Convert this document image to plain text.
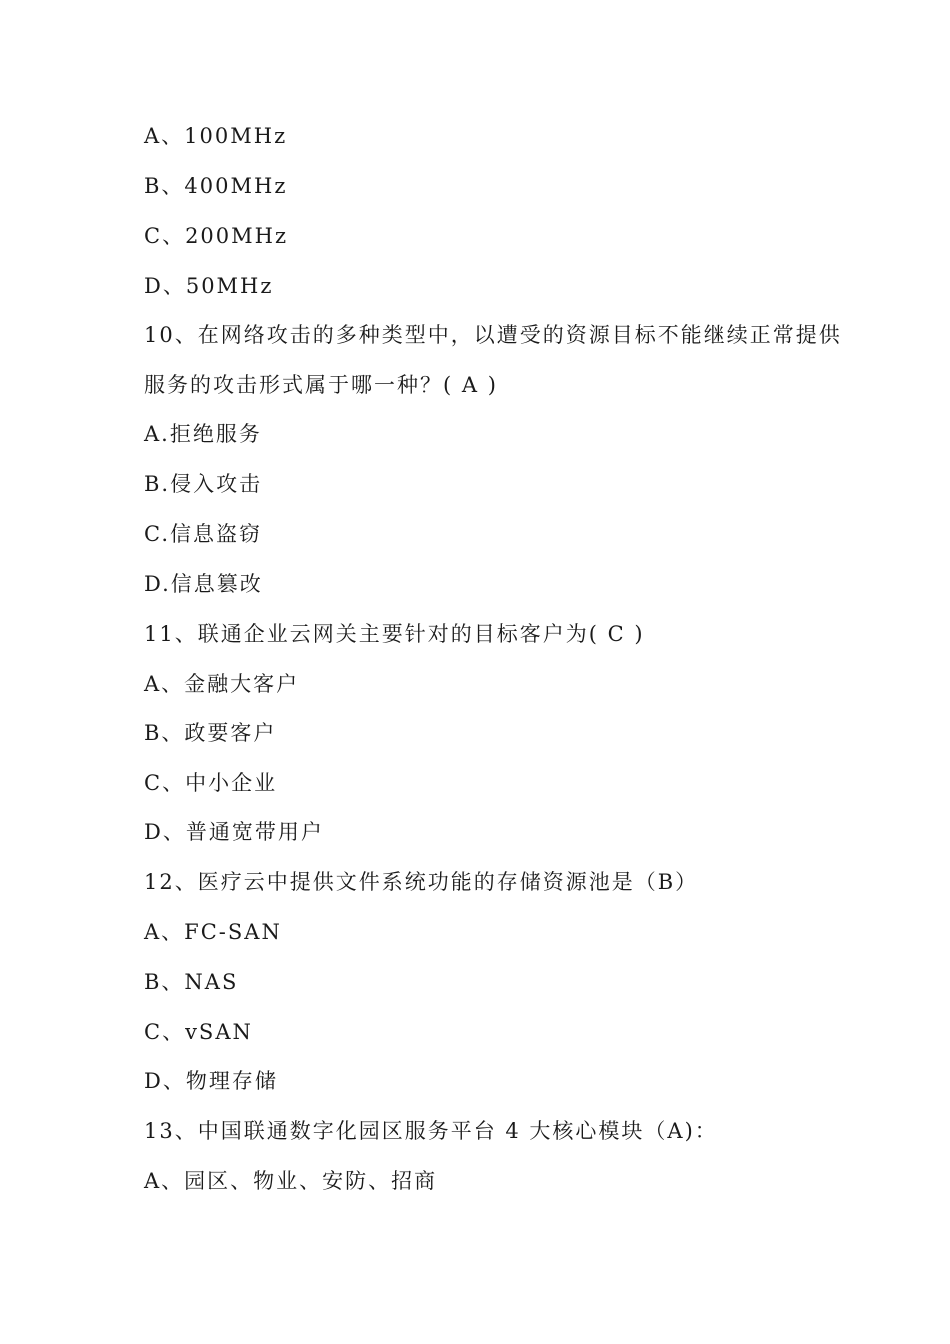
A、100MHz
B、400MHz
C、200MHz
D、50MHz
10、在网络攻击的多种类型中，以遭受的资源目标不能继续正常提供
服务的攻击形式属于哪一种？( A )
A.拒绝服务
B.侵入攻击
C.信息盗窃
D.信息篡改
11、联通企业云网关主要针对的目标客户为( C )
A、金融大客户
B、政要客户
C、中小企业
D、普通宽带用户
12、医疗云中提供文件系统功能的存储资源池是（B）
A、FC-SAN
B、NAS
C、vSAN
D、物理存储
13、中国联通数字化园区服务平台 4 大核心模块（A)：
A、园区、物业、安防、招商
